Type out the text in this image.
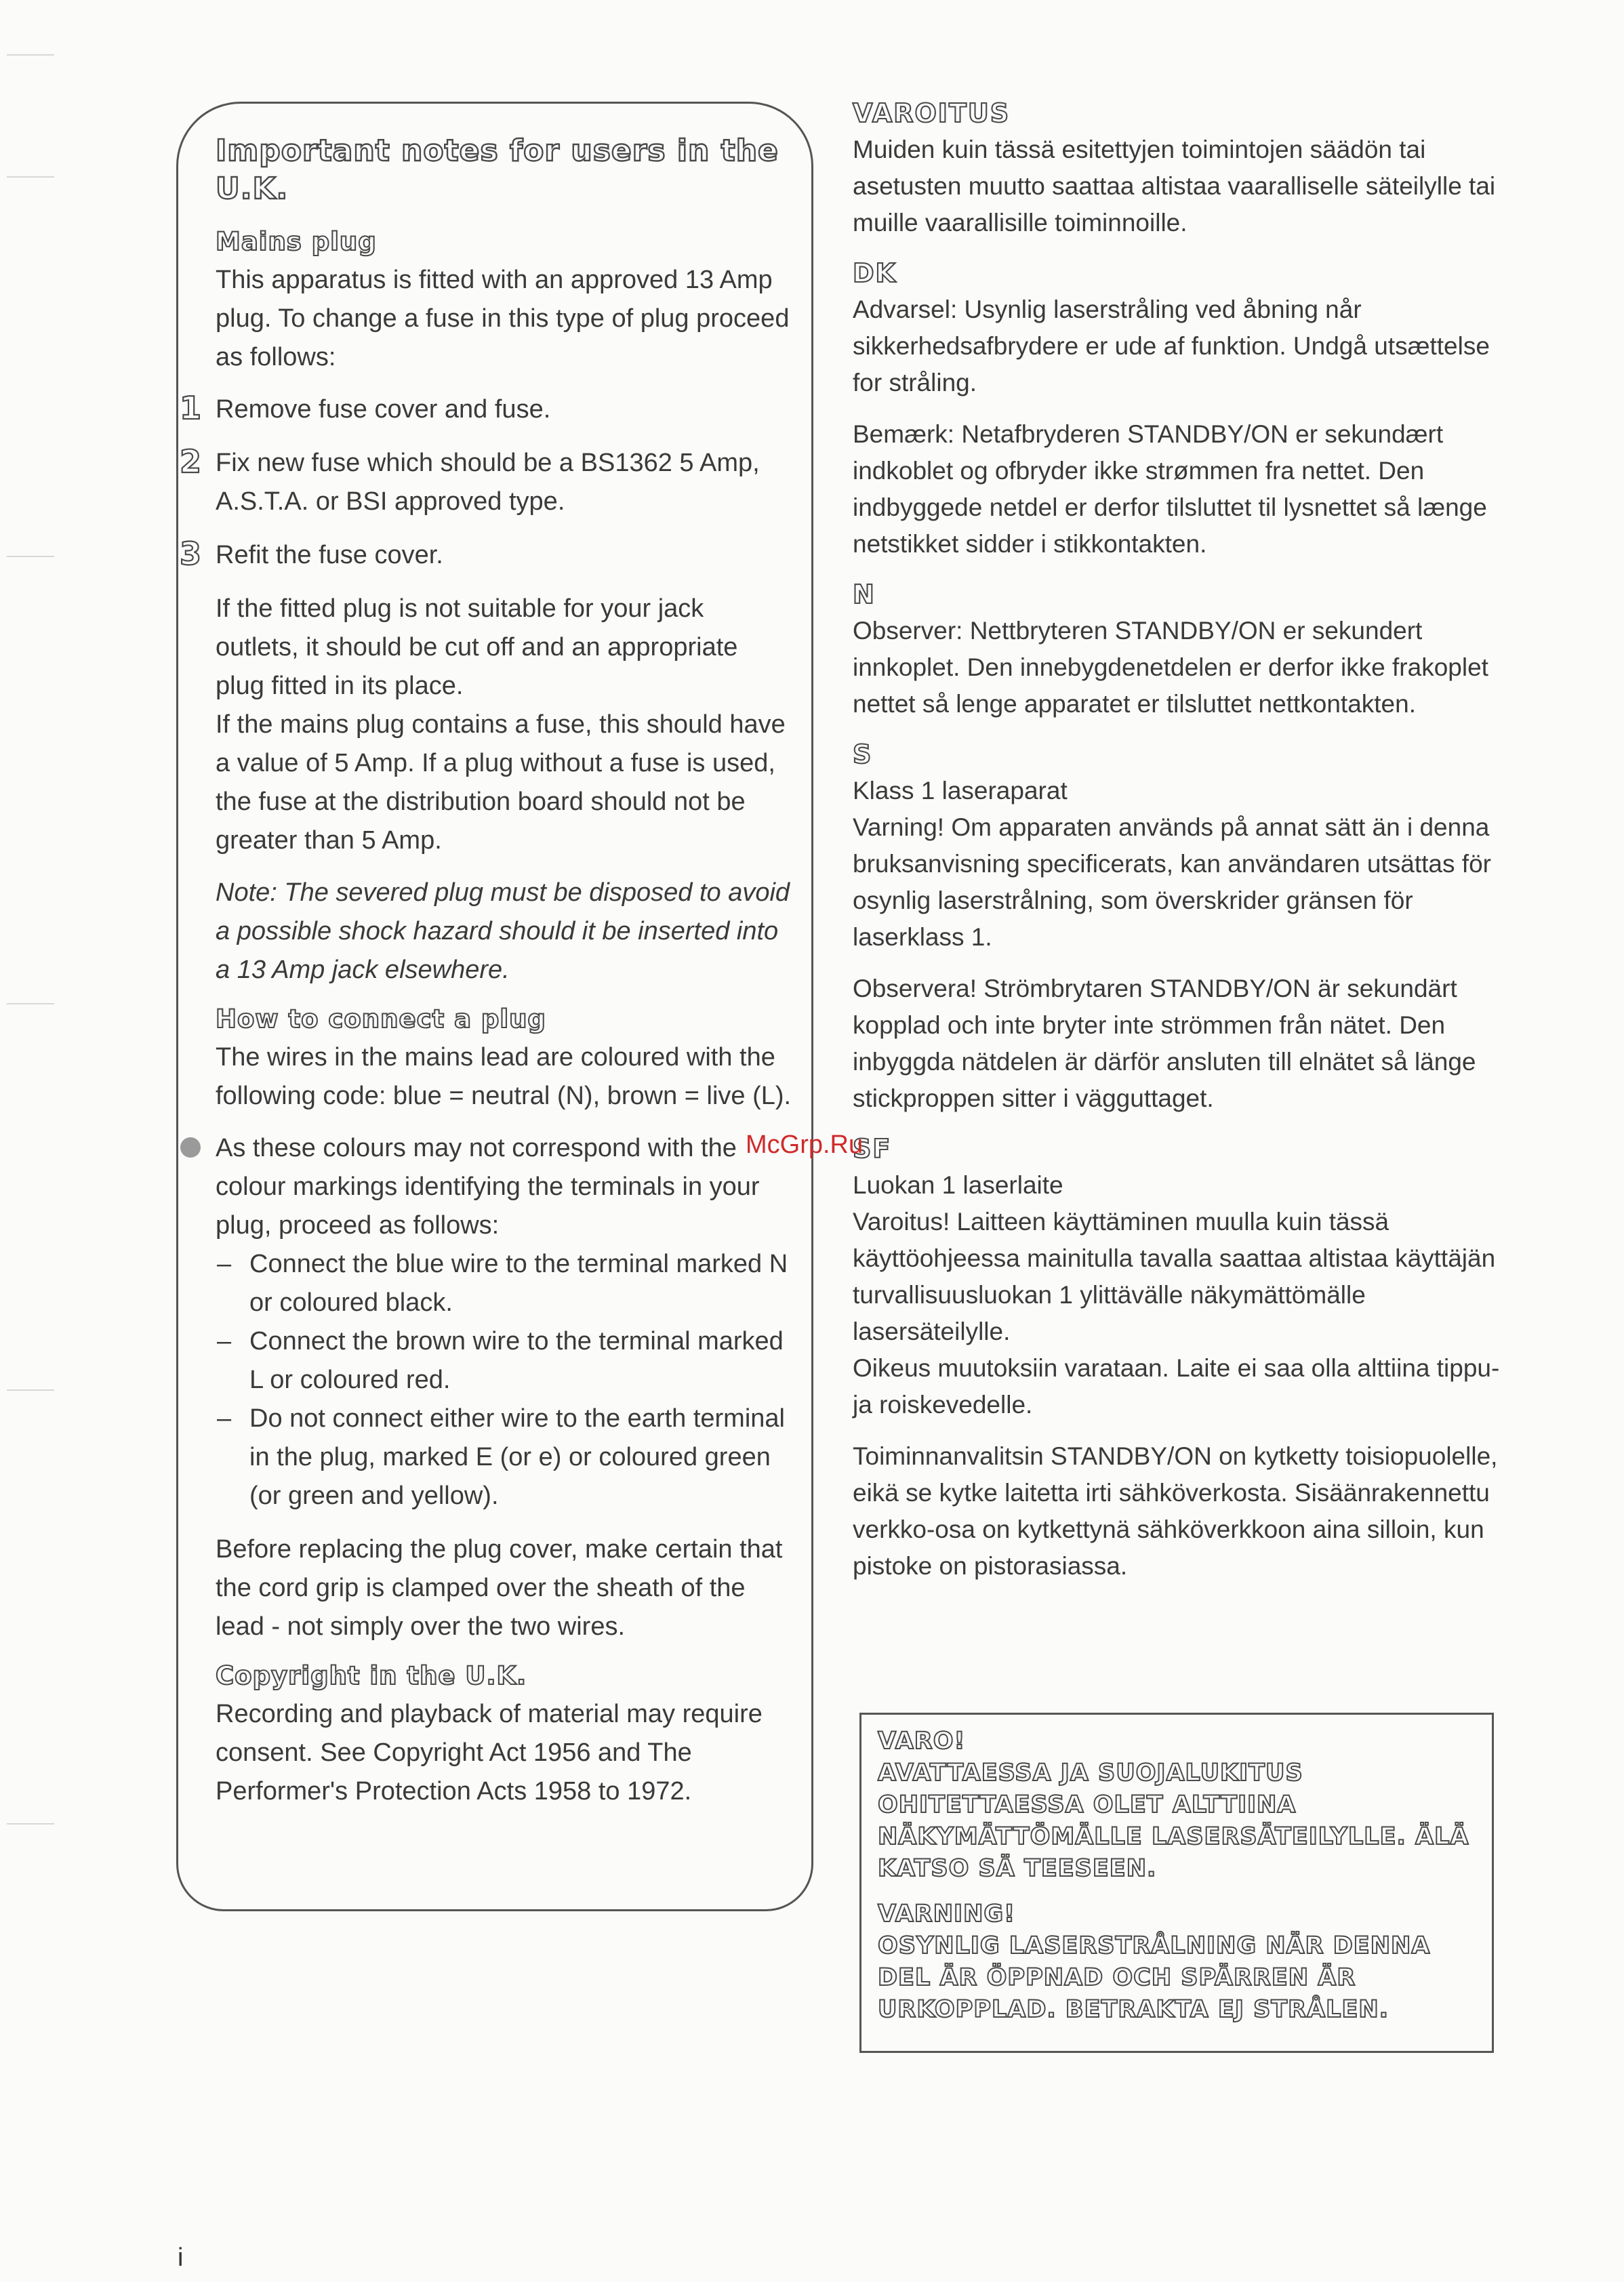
Important notes for users in the U.K.
Mains plug
This apparatus is fitted with an approved 13 Amp plug. To change a fuse in this type of plug proceed as follows:
1 Remove fuse cover and fuse.
2 Fix new fuse which should be a BS1362 5 Amp, A.S.T.A. or BSI approved type.
3 Refit the fuse cover.
If the fitted plug is not suitable for your jack outlets, it should be cut off and an appropriate plug fitted in its place.
If the mains plug contains a fuse, this should have a value of 5 Amp. If a plug without a fuse is used, the fuse at the distribution board should not be greater than 5 Amp.
Note: The severed plug must be disposed to avoid a possible shock hazard should it be inserted into a 13 Amp jack elsewhere.
How to connect a plug
The wires in the mains lead are coloured with the following code: blue = neutral (N), brown = live (L).
As these colours may not correspond with the colour markings identifying the terminals in your plug, proceed as follows:
– Connect the blue wire to the terminal marked N or coloured black.
– Connect the brown wire to the terminal marked L or coloured red.
– Do not connect either wire to the earth terminal in the plug, marked E (or e) or coloured green (or green and yellow).
Before replacing the plug cover, make certain that the cord grip is clamped over the sheath of the lead - not simply over the two wires.
Copyright in the U.K.
Recording and playback of material may require consent. See Copyright Act 1956 and The Performer's Protection Acts 1958 to 1972.
VAROITUS
Muiden kuin tässä esitettyjen toimintojen säädön tai asetusten muutto saattaa altistaa vaaralliselle säteilylle tai muille vaarallisille toiminnoille.
DK
Advarsel: Usynlig laserstråling ved åbning når sikkerhedsafbrydere er ude af funktion. Undgå utsættelse for stråling.
Bemærk: Netafbryderen STANDBY/ON er sekundært indkoblet og ofbryder ikke strømmen fra nettet. Den indbyggede netdel er derfor tilsluttet til lysnettet så længe netstikket sidder i stikkontakten.
N
Observer: Nettbryteren STANDBY/ON er sekundert innkoplet. Den innebygdenetdelen er derfor ikke frakoplet nettet så lenge apparatet er tilsluttet nettkontakten.
S
Klass 1 laseraparat
Varning! Om apparaten används på annat sätt än i denna bruksanvisning specificerats, kan användaren utsättas för osynlig laserstrålning, som överskrider gränsen för laserklass 1.
Observera! Strömbrytaren STANDBY/ON är sekundärt kopplad och inte bryter inte strömmen från nätet. Den inbyggda nätdelen är därför ansluten till elnätet så länge stickproppen sitter i vägguttaget.
SF
Luokan 1 laserlaite
Varoitus! Laitteen käyttäminen muulla kuin tässä käyttöohjeessa mainitulla tavalla saattaa altistaa käyttäjän turvallisuusluokan 1 ylittävälle näkymättömälle lasersäteilylle.
Oikeus muutoksiin varataan. Laite ei saa olla alttiina tippu-ja roiskevedelle.
Toiminnanvalitsin STANDBY/ON on kytketty toisiopuolelle, eikä se kytke laitetta irti sähköverkosta. Sisäänrakennettu verkko-osa on kytkettynä sähköverkkoon aina silloin, kun pistoke on pistorasiassa.
VARO!
AVATTAESSA JA SUOJALUKITUS OHITETTAESSA OLET ALTTIINA NÄKYMÄTTÖMÄLLE LASERSÄTEILYLLE. ÄLÄ KATSO SÄ TEESEEN.
VARNING!
OSYNLIG LASERSTRÅLNING NÄR DENNA DEL ÄR ÖPPNAD OCH SPÄRREN ÄR URKOPPLAD. BETRAKTA EJ STRÅLEN.
McGrp.Ru
i
